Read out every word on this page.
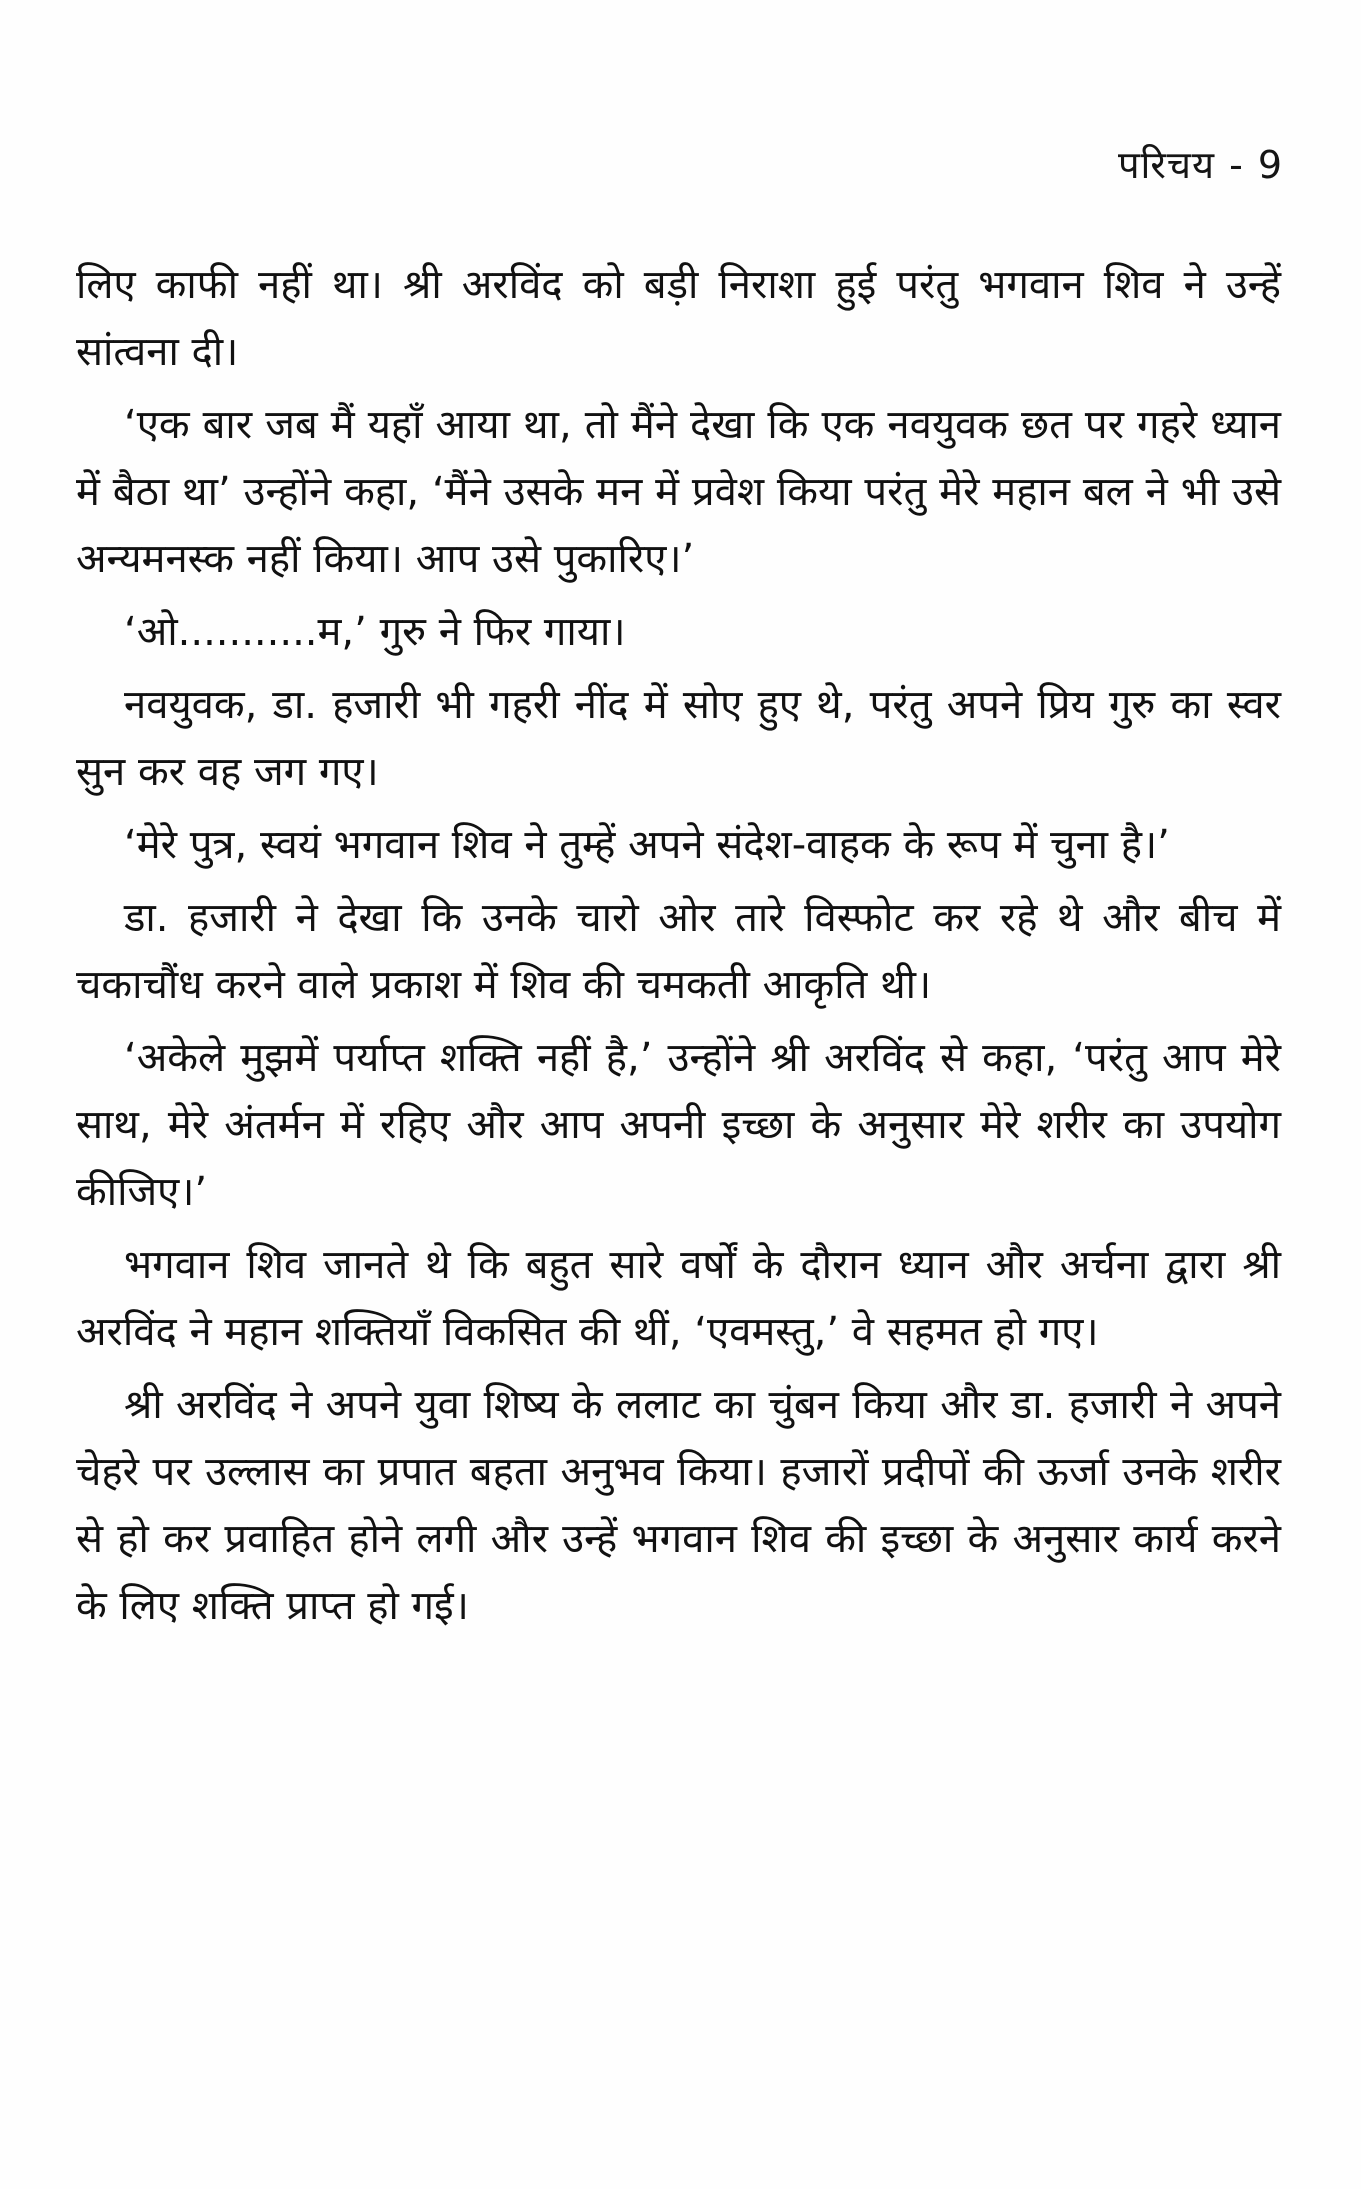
परिचय - 9

लिए काफी नहीं था। श्री अरविंद को बड़ी निराशा हुई परंतु भगवान शिव ने उन्हें सांत्वना दी।

‘एक बार जब मैं यहाँ आया था, तो मैंने देखा कि एक नवयुवक छत पर गहरे ध्यान में बैठा था’ उन्होंने कहा, ‘मैंने उसके मन में प्रवेश किया परंतु मेरे महान बल ने भी उसे अन्यमनस्क नहीं किया। आप उसे पुकारिए।’

‘ओ...........म,’ गुरु ने फिर गाया।

नवयुवक, डा. हजारी भी गहरी नींद में सोए हुए थे, परंतु अपने प्रिय गुरु का स्वर सुन कर वह जग गए।

‘मेरे पुत्र, स्वयं भगवान शिव ने तुम्हें अपने संदेश-वाहक के रूप में चुना है।’

डा. हजारी ने देखा कि उनके चारो ओर तारे विस्फोट कर रहे थे और बीच में चकाचौंध करने वाले प्रकाश में शिव की चमकती आकृति थी।

‘अकेले मुझमें पर्याप्त शक्ति नहीं है,’ उन्होंने श्री अरविंद से कहा, ‘परंतु आप मेरे साथ, मेरे अंतर्मन में रहिए और आप अपनी इच्छा के अनुसार मेरे शरीर का उपयोग कीजिए।’

भगवान शिव जानते थे कि बहुत सारे वर्षों के दौरान ध्यान और अर्चना द्वारा श्री अरविंद ने महान शक्तियाँ विकसित की थीं, ‘एवमस्तु,’ वे सहमत हो गए।

श्री अरविंद ने अपने युवा शिष्य के ललाट का चुंबन किया और डा. हजारी ने अपने चेहरे पर उल्लास का प्रपात बहता अनुभव किया। हजारों प्रदीपों की ऊर्जा उनके शरीर से हो कर प्रवाहित होने लगी और उन्हें भगवान शिव की इच्छा के अनुसार कार्य करने के लिए शक्ति प्राप्त हो गई।
